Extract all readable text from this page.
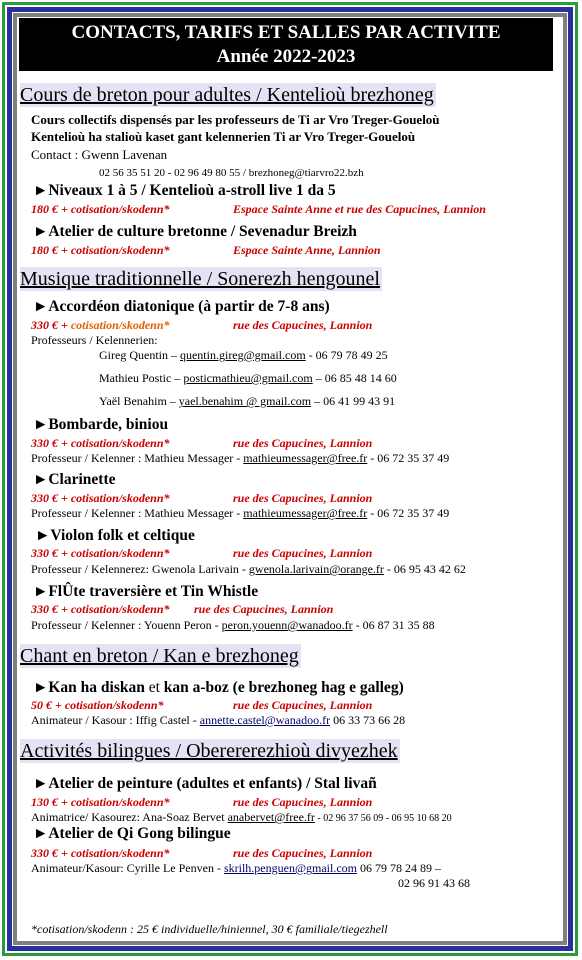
CONTACTS, TARIFS ET SALLES PAR ACTIVITE
Année 2022-2023
Cours de breton pour adultes / Kentelioù brezhoneg
Cours collectifs dispensés par les professeurs de Ti ar Vro Treger-Goueloù
Kentelioù ha stalioù kaset gant kelennerien Ti ar Vro Treger-Goueloù
Contact : Gwenn Lavenan
02 56 35 51 20 - 02 96 49 80 55 / brezhoneg@tiarvro22.bzh
►Niveaux 1 à 5 / Kentelioù a-stroll live 1 da 5
180 € + cotisation/skodenn*	Espace Sainte Anne et rue des Capucines, Lannion
►Atelier de culture bretonne / Sevenadur Breizh
180 € + cotisation/skodenn*	Espace Sainte Anne, Lannion
Musique traditionnelle / Sonerezh hengounel
►Accordéon diatonique (à partir de 7-8 ans)
330 € + cotisation/skodenn*	rue des Capucines, Lannion
Professeurs / Kelennerien:
Gireg Quentin – quentin.gireg@gmail.com - 06 79 78 49 25
Mathieu Postic – posticmathieu@gmail.com – 06 85 48 14 60
Yaël Benahim – yael.benahim @ gmail.com – 06 41 99 43 91
►Bombarde, biniou
330 € + cotisation/skodenn*	rue des Capucines, Lannion
Professeur / Kelenner : Mathieu Messager - mathieumessager@free.fr - 06 72 35 37 49
►Clarinette
330 € + cotisation/skodenn*	rue des Capucines, Lannion
Professeur / Kelenner : Mathieu Messager - mathieumessager@free.fr - 06 72 35 37 49
►Violon folk et celtique
330 € + cotisation/skodenn*	rue des Capucines, Lannion
Professeur / Kelennerez: Gwenola Larivain - gwenola.larivain@orange.fr - 06 95 43 42 62
►FlÛte traversière et Tin Whistle
330 € + cotisation/skodenn* rue des Capucines, Lannion
Professeur / Kelenner : Youenn Peron - peron.youenn@wanadoo.fr - 06 87 31 35 88
Chant en breton / Kan e brezhoneg
►Kan ha diskan et kan a-boz (e brezhoneg hag e galleg)
50 € + cotisation/skodenn*	rue des Capucines, Lannion
Animateur / Kasour : Iffig Castel - annette.castel@wanadoo.fr 06 33 73 66 28
Activités bilingues / Oberererezhioù divyezhek
►Atelier de peinture (adultes et enfants) / Stal livañ
130 € + cotisation/skodenn*	rue des Capucines, Lannion
Animatrice/ Kasourez: Ana-Soaz Bervet anabervet@free.fr - 02 96 37 56 09 - 06 95 10 68 20
►Atelier de Qi Gong bilingue
330 € + cotisation/skodenn*	rue des Capucines, Lannion
Animateur/Kasour: Cyrille Le Penven - skrilh.penguen@gmail.com 06 79 78 24 89 –
02 96 91 43 68
*cotisation/skodenn : 25 € individuelle/hiniennel, 30 € familiale/tiegezhell
